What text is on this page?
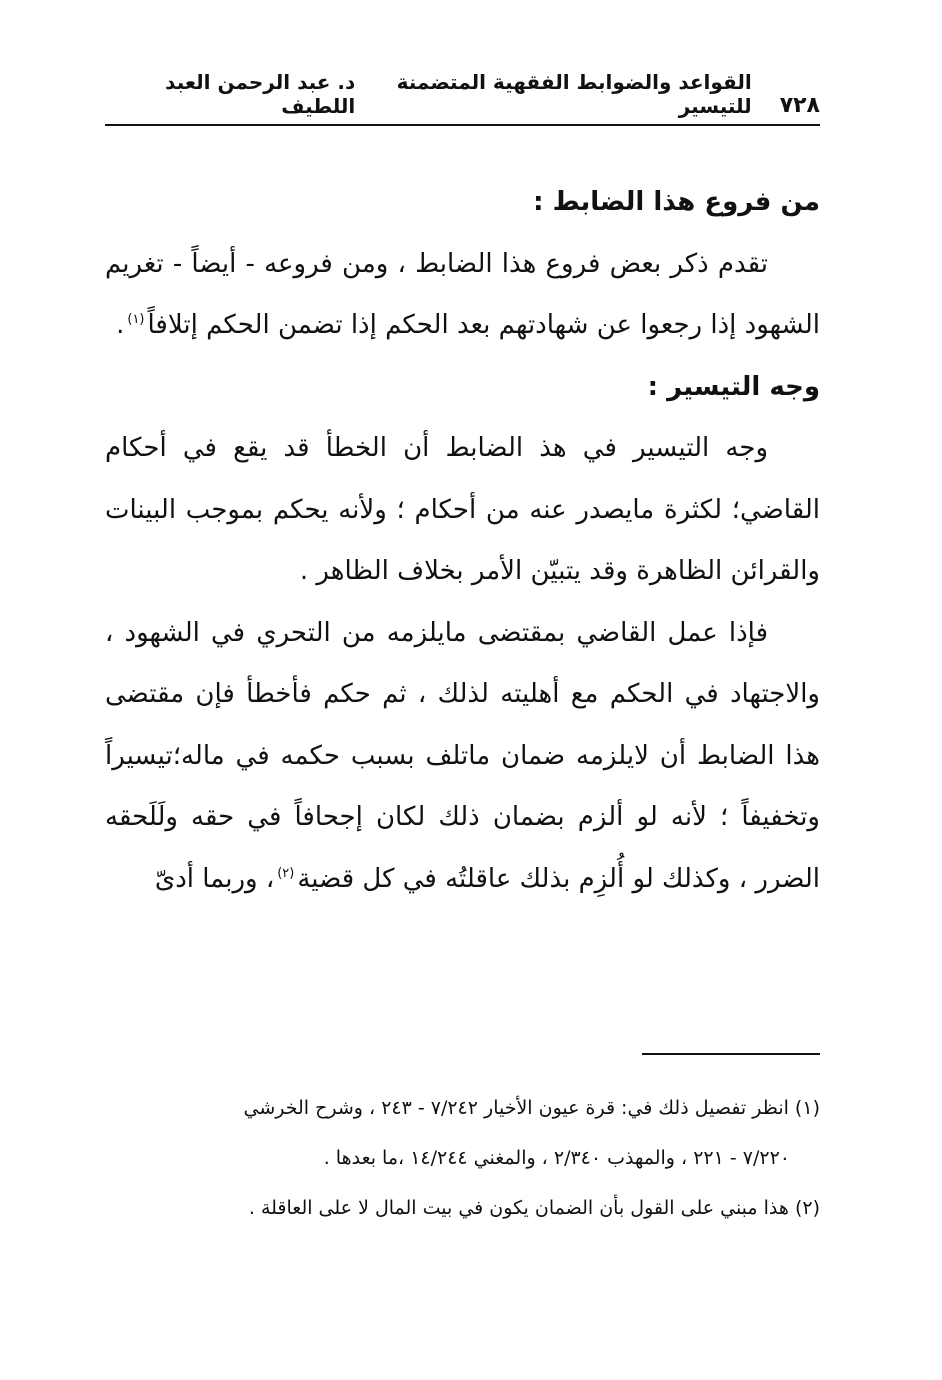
٧٢٨
القواعد والضوابط الفقهية المتضمنة للتيسير
د. عبد الرحمن العبد اللطيف

من فروع هذا الضابط :

تقدم ذكر بعض فروع هذا الضابط ، ومن فروعه - أيضاً - تغريم الشهود إذا رجعوا عن شهادتهم بعد الحكم إذا تضمن الحكم إتلافاً$^{(١)}$.

وجه التيسير :

وجه التيسير في هذ الضابط أن الخطأ قد يقع في أحكام القاضي؛ لكثرة مايصدر عنه من أحكام ؛ ولأنه يحكم بموجب البينات والقرائن الظاهرة وقد يتبيّن الأمر بخلاف الظاهر .

فإذا عمل القاضي بمقتضى مايلزمه من التحري في الشهود ، والاجتهاد في الحكم مع أهليته لذلك ، ثم حكم فأخطأ فإن مقتضى هذا الضابط أن لايلزمه ضمان ماتلف بسبب حكمه في ماله؛تيسيراً وتخفيفاً ؛ لأنه لو ألزم بضمان ذلك لكان إجحافاً في حقه ولَلَحقه الضرر ، وكذلك لو أُلزِم بذلك عاقلتُه في كل قضية$^{(٢)}$، وربما أدىّ

(١) انظر تفصيل ذلك في: قرة عيون الأخيار ٧/٢٤٢ - ٢٤٣ ، وشرح الخرشي

٧/٢٢٠ - ٢٢١ ، والمهذب ٢/٣٤٠ ، والمغني ١٤/٢٤٤ ،ما بعدها .

(٢) هذا مبني على القول بأن الضمان يكون في بيت المال لا على العاقلة .
